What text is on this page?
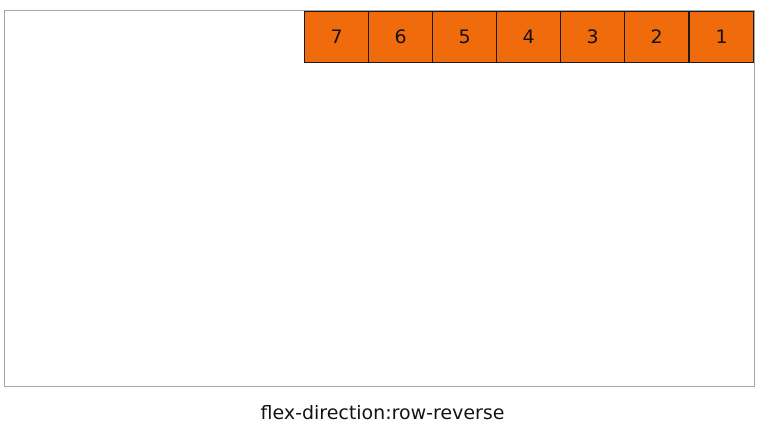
1
2
3
4
5
6
7
flex-direction:row-reverse
